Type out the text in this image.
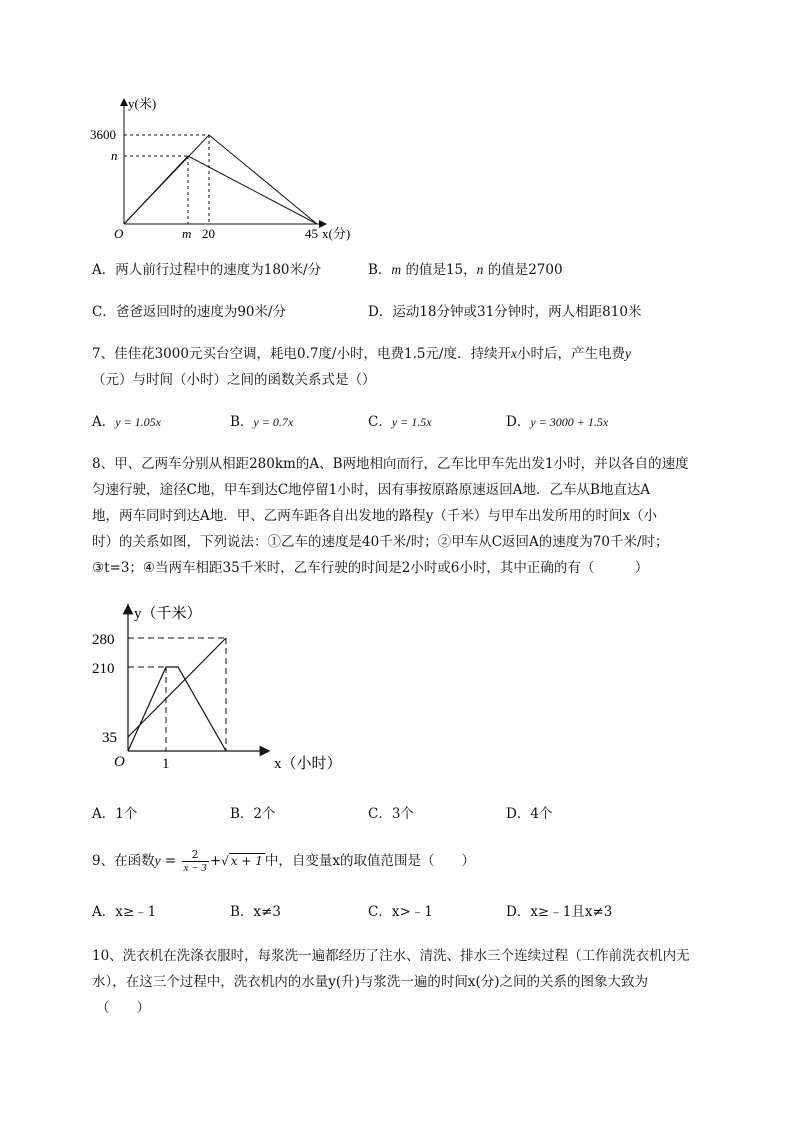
y(米)
3600
n
O	m 20	45 x(分)
A．两人前行过程中的速度为180米/分	B．m 的值是15，n 的值是2700
C．爸爸返回时的速度为90米/分	D．运动18分钟或31分钟时，两人相距810米
7、佳佳花3000元买台空调，耗电0.7度/小时，电费1.5元/度．持续开x小时后，产生电费y
（元）与时间（小时）之间的函数关系式是（）
A．y = 1.05x	B．y = 0.7x	C．y = 1.5x	D．y = 3000 + 1.5x
8、甲、乙两车分别从相距280km的A、B两地相向而行，乙车比甲车先出发1小时，并以各自的速度
匀速行驶，途径C地，甲车到达C地停留1小时，因有事按原路原速返回A地．乙车从B地直达A
地，两车同时到达A地．甲、乙两车距各自出发地的路程y（千米）与甲车出发所用的时间x（小
时）的关系如图，下列说法：①乙车的速度是40千米/时；②甲车从C返回A的速度为70千米/时；
③t=3；④当两车相距35千米时，乙车行驶的时间是2小时或6小时，其中正确的有（　　　）
y（千米）
280
210
35
O 1	x（小时）
A．1个	B．2个	C．3个	D．4个
9、在函数$y = \frac{2}{x - 3}$ +√ x + 1 中，自变量x的取值范围是（　　）
A．x≥﹣1	B．x≠3	C．x>﹣1	D．x≥﹣1且x≠3
10、洗衣机在洗涤衣服时，每浆洗一遍都经历了注水、清洗、排水三个连续过程（工作前洗衣机内无
水），在这三个过程中，洗衣机内的水量y(升)与浆洗一遍的时间x(分)之间的关系的图象大致为
（　　）
